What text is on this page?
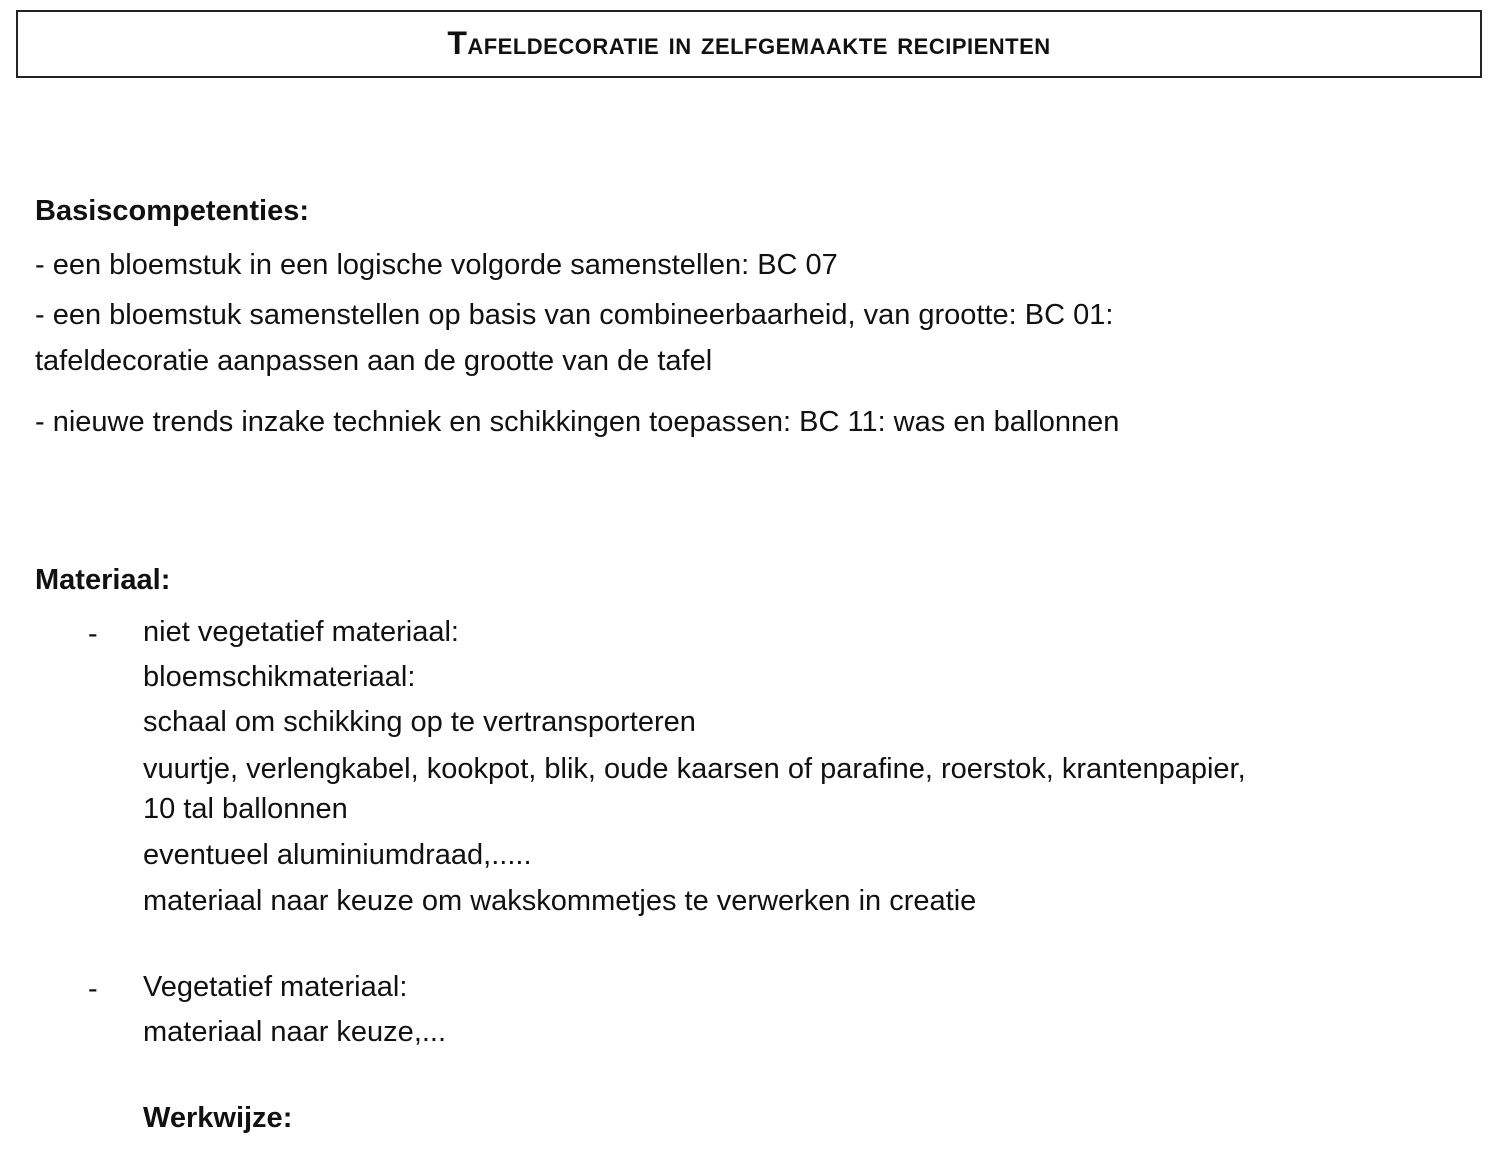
Tafeldecoratie in zelfgemaakte recipienten
Basiscompetenties:
- een bloemstuk in een logische volgorde samenstellen: BC 07
- een bloemstuk samenstellen op basis van combineerbaarheid, van grootte: BC 01:
tafeldecoratie aanpassen aan de grootte van de tafel
- nieuwe trends inzake techniek en schikkingen toepassen: BC 11: was en ballonnen
Materiaal:
- niet vegetatief materiaal:
bloemschikmateriaal:
schaal om schikking op te vertransporteren
vuurtje, verlengkabel, kookpot, blik, oude kaarsen of parafine, roerstok, krantenpapier,
10 tal ballonnen
eventueel aluminiumdraad,.....
materiaal naar keuze om wakskommetjes te verwerken in creatie
- Vegetatief materiaal:
materiaal naar keuze,...
Werkwijze:
